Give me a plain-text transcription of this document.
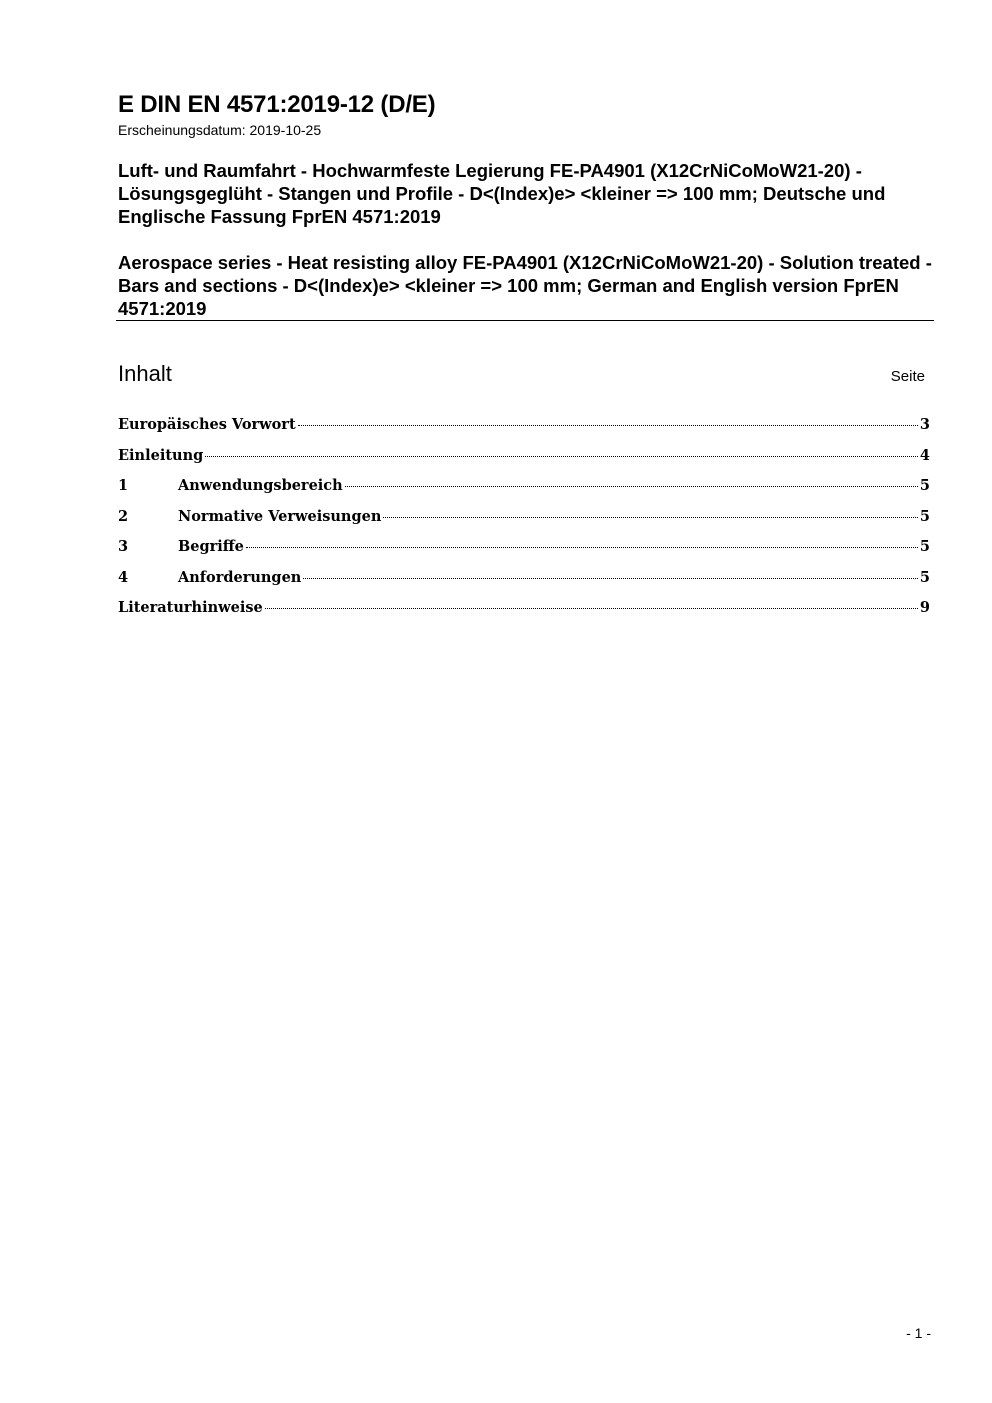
E DIN EN 4571:2019-12 (D/E)
Erscheinungsdatum: 2019-10-25
Luft- und Raumfahrt - Hochwarmfeste Legierung FE-PA4901 (X12CrNiCoMoW21-20) - Lösungsgeglüht - Stangen und Profile - D<(Index)e> <kleiner => 100 mm; Deutsche und Englische Fassung FprEN 4571:2019
Aerospace series - Heat resisting alloy FE-PA4901 (X12CrNiCoMoW21-20) - Solution treated - Bars and sections - D<(Index)e> <kleiner => 100 mm; German and English version FprEN 4571:2019
Inhalt	Seite
Europäisches Vorwort	3
Einleitung	4
1	Anwendungsbereich	5
2	Normative Verweisungen	5
3	Begriffe	5
4	Anforderungen	5
Literaturhinweise	9
- 1 -
